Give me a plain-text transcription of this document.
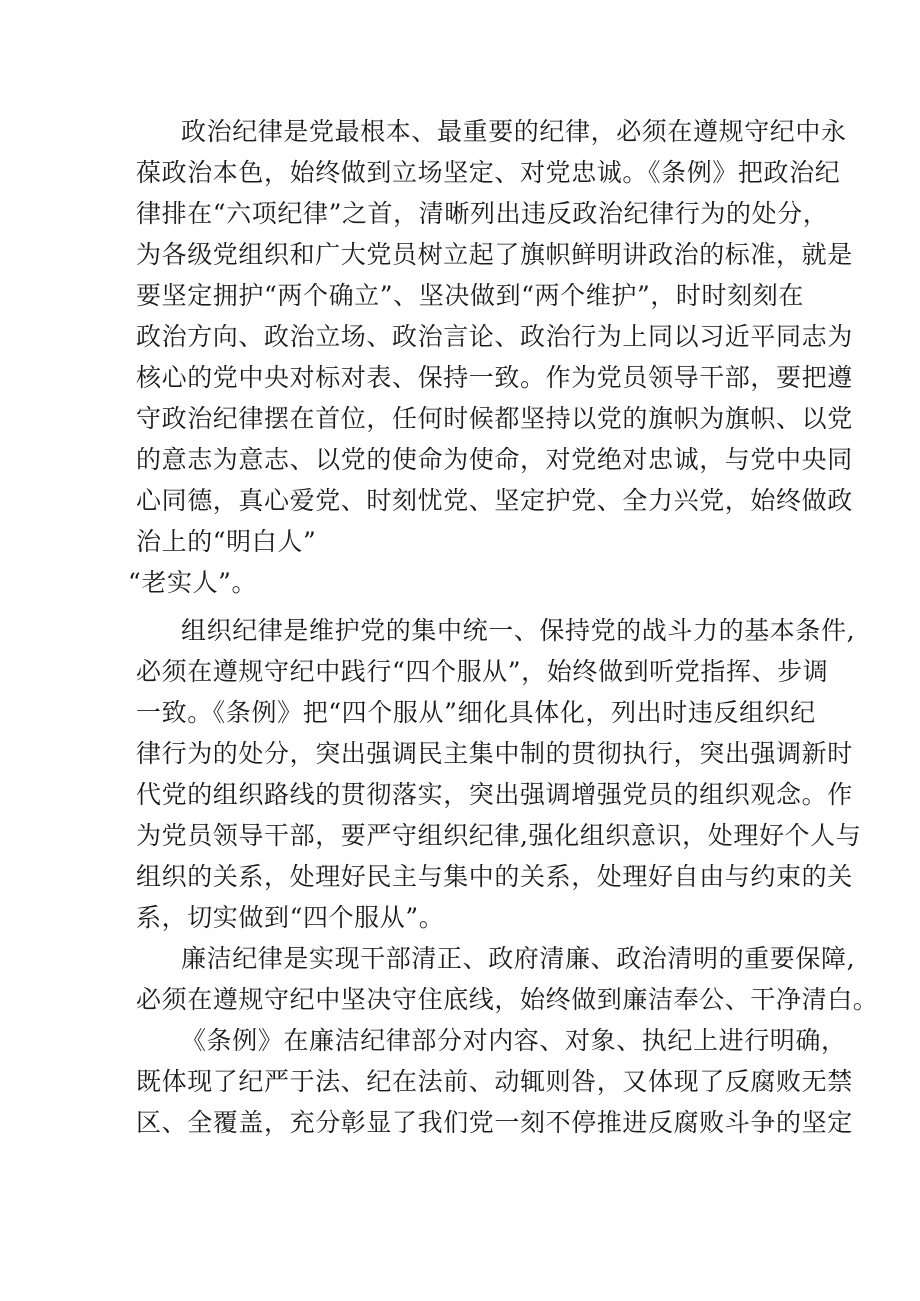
政治纪律是党最根本、最重要的纪律，必须在遵规守纪中永
葆政治本色，始终做到立场坚定、对党忠诚。《条例》把政治纪
律排在“六项纪律”之首，清晰列出违反政治纪律行为的处分，
为各级党组织和广大党员树立起了旗帜鲜明讲政治的标准，就是
要坚定拥护“两个确立”、坚决做到“两个维护”，时时刻刻在
政治方向、政治立场、政治言论、政治行为上同以习近平同志为
核心的党中央对标对表、保持一致。作为党员领导干部，要把遵
守政治纪律摆在首位，任何时候都坚持以党的旗帜为旗帜、以党
的意志为意志、以党的使命为使命，对党绝对忠诚，与党中央同
心同德，真心爱党、时刻忧党、坚定护党、全力兴党，始终做政
治上的“明白人”
“老实人”。
组织纪律是维护党的集中统一、保持党的战斗力的基本条件,
必须在遵规守纪中践行“四个服从”，始终做到听党指挥、步调
一致。《条例》把“四个服从”细化具体化，列出时违反组织纪
律行为的处分，突出强调民主集中制的贯彻执行，突出强调新时
代党的组织路线的贯彻落实，突出强调增强党员的组织观念。作
为党员领导干部，要严守组织纪律,强化组织意识，处理好个人与
组织的关系，处理好民主与集中的关系，处理好自由与约束的关
系，切实做到“四个服从”。
廉洁纪律是实现干部清正、政府清廉、政治清明的重要保障,
必须在遵规守纪中坚决守住底线，始终做到廉洁奉公、干净清白。
《条例》在廉洁纪律部分对内容、对象、执纪上进行明确，
既体现了纪严于法、纪在法前、动辄则咎，又体现了反腐败无禁
区、全覆盖，充分彰显了我们党一刻不停推进反腐败斗争的坚定
